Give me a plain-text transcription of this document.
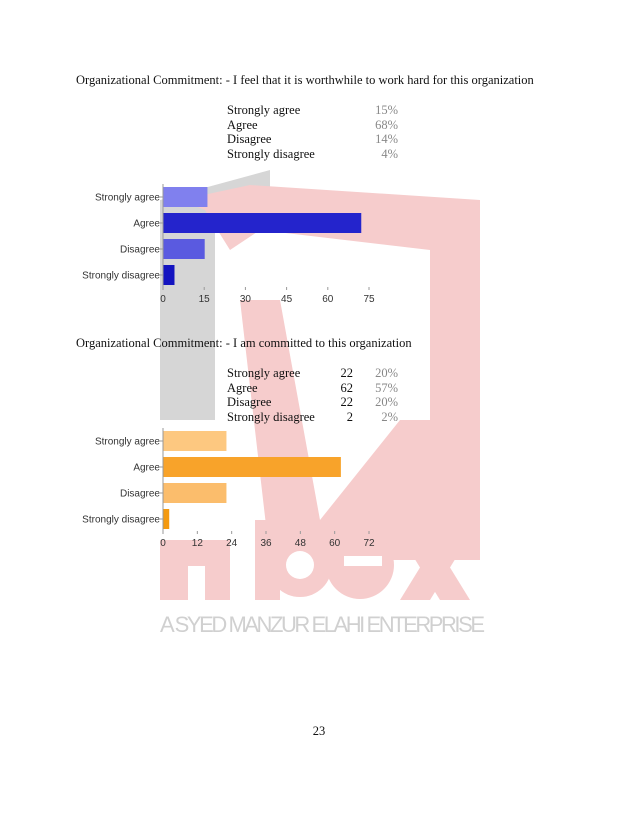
A SYED MANZUR ELAHI ENTERPRISE
Organizational Commitment: - I feel that it is worthwhile to work hard for this organization
Strongly agree	15%
Agree	68%
Disagree	14%
Strongly disagree	4%
Strongly agree
Agree
Disagree
Strongly disagree
0	15	30	45	60	75
Organizational Commitment: - I am committed to this organization
Strongly agree	22 20%
Agree	62 57%
Disagree	22 20%
Strongly disagree	2 2%
Strongly agree
Agree
Disagree
Strongly disagree
0	12 24 36 48 60 72
23
